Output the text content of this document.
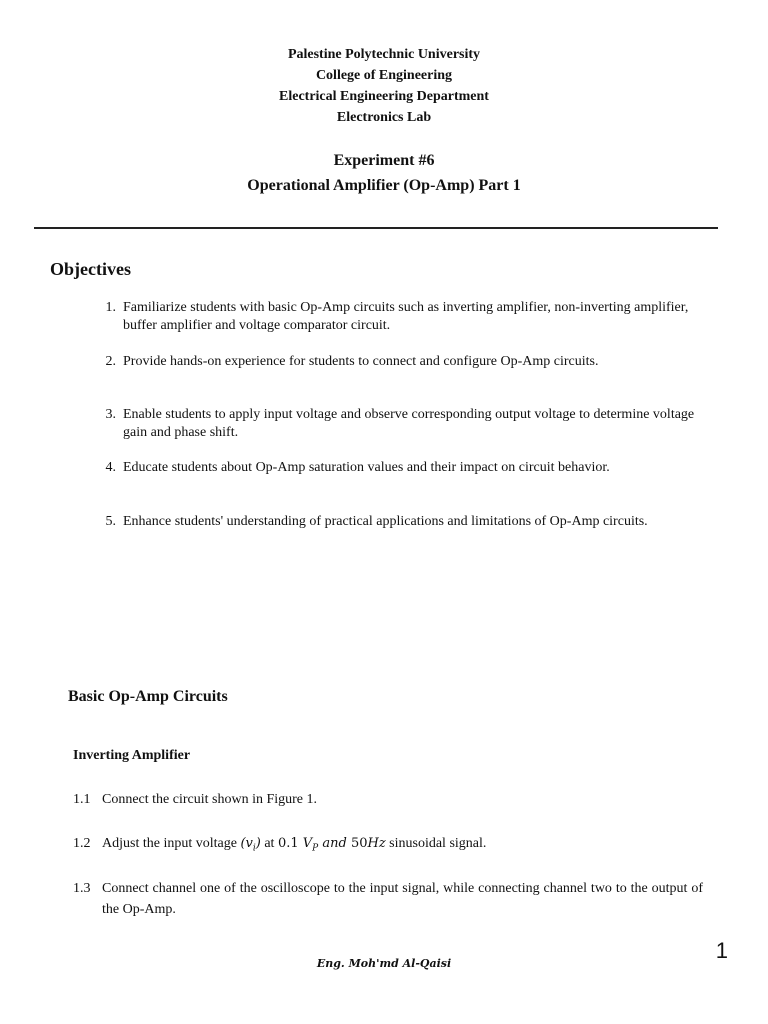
Palestine Polytechnic University
College of Engineering
Electrical Engineering Department
Electronics Lab
Experiment #6
Operational Amplifier (Op-Amp) Part 1
Objectives
1. Familiarize students with basic Op-Amp circuits such as inverting amplifier, non-inverting amplifier, buffer amplifier and voltage comparator circuit.
2. Provide hands-on experience for students to connect and configure Op-Amp circuits.
3. Enable students to apply input voltage and observe corresponding output voltage to determine voltage gain and phase shift.
4. Educate students about Op-Amp saturation values and their impact on circuit behavior.
5. Enhance students' understanding of practical applications and limitations of Op-Amp circuits.
Basic Op-Amp Circuits
Inverting Amplifier
1.1 Connect the circuit shown in Figure 1.
1.2 Adjust the input voltage $(v_i)$ at 0.1 $V_P$ and 50Hz sinusoidal signal.
1.3 Connect channel one of the oscilloscope to the input signal, while connecting channel two to the output of the Op-Amp.
Eng. Moh'md Al-Qaisi
1
